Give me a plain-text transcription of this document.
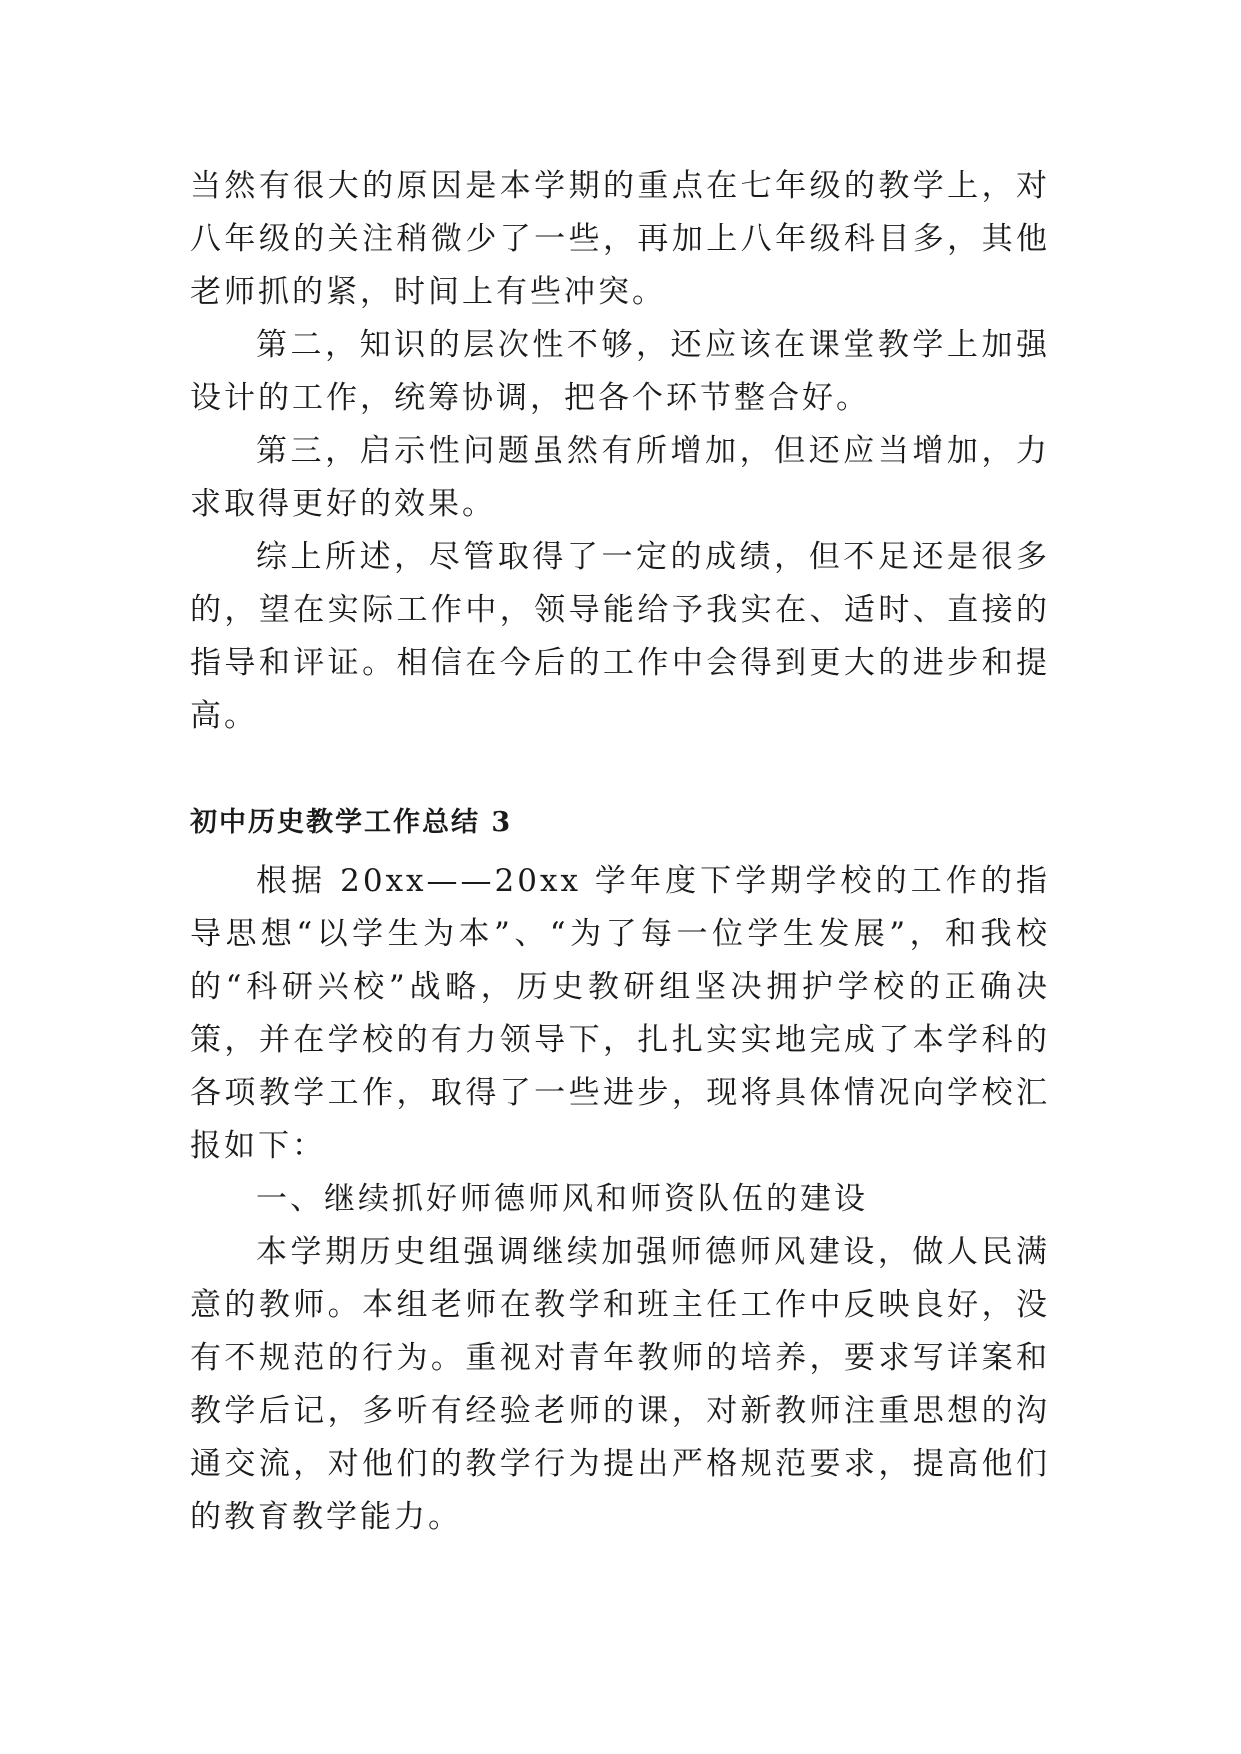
当然有很大的原因是本学期的重点在七年级的教学上，对八年级的关注稍微少了一些，再加上八年级科目多，其他老师抓的紧，时间上有些冲突。

第二，知识的层次性不够，还应该在课堂教学上加强设计的工作，统筹协调，把各个环节整合好。

第三，启示性问题虽然有所增加，但还应当增加，力求取得更好的效果。

综上所述，尽管取得了一定的成绩，但不足还是很多的，望在实际工作中，领导能给予我实在、适时、直接的指导和评证。相信在今后的工作中会得到更大的进步和提高。

初中历史教学工作总结 3

根据 20xx——20xx 学年度下学期学校的工作的指导思想“以学生为本”、“为了每一位学生发展”，和我校的“科研兴校”战略，历史教研组坚决拥护学校的正确决策，并在学校的有力领导下，扎扎实实地完成了本学科的各项教学工作，取得了一些进步，现将具体情况向学校汇报如下：

一、继续抓好师德师风和师资队伍的建设

本学期历史组强调继续加强师德师风建设，做人民满意的教师。本组老师在教学和班主任工作中反映良好，没有不规范的行为。重视对青年教师的培养，要求写详案和教学后记，多听有经验老师的课，对新教师注重思想的沟通交流，对他们的教学行为提出严格规范要求，提高他们的教育教学能力。
